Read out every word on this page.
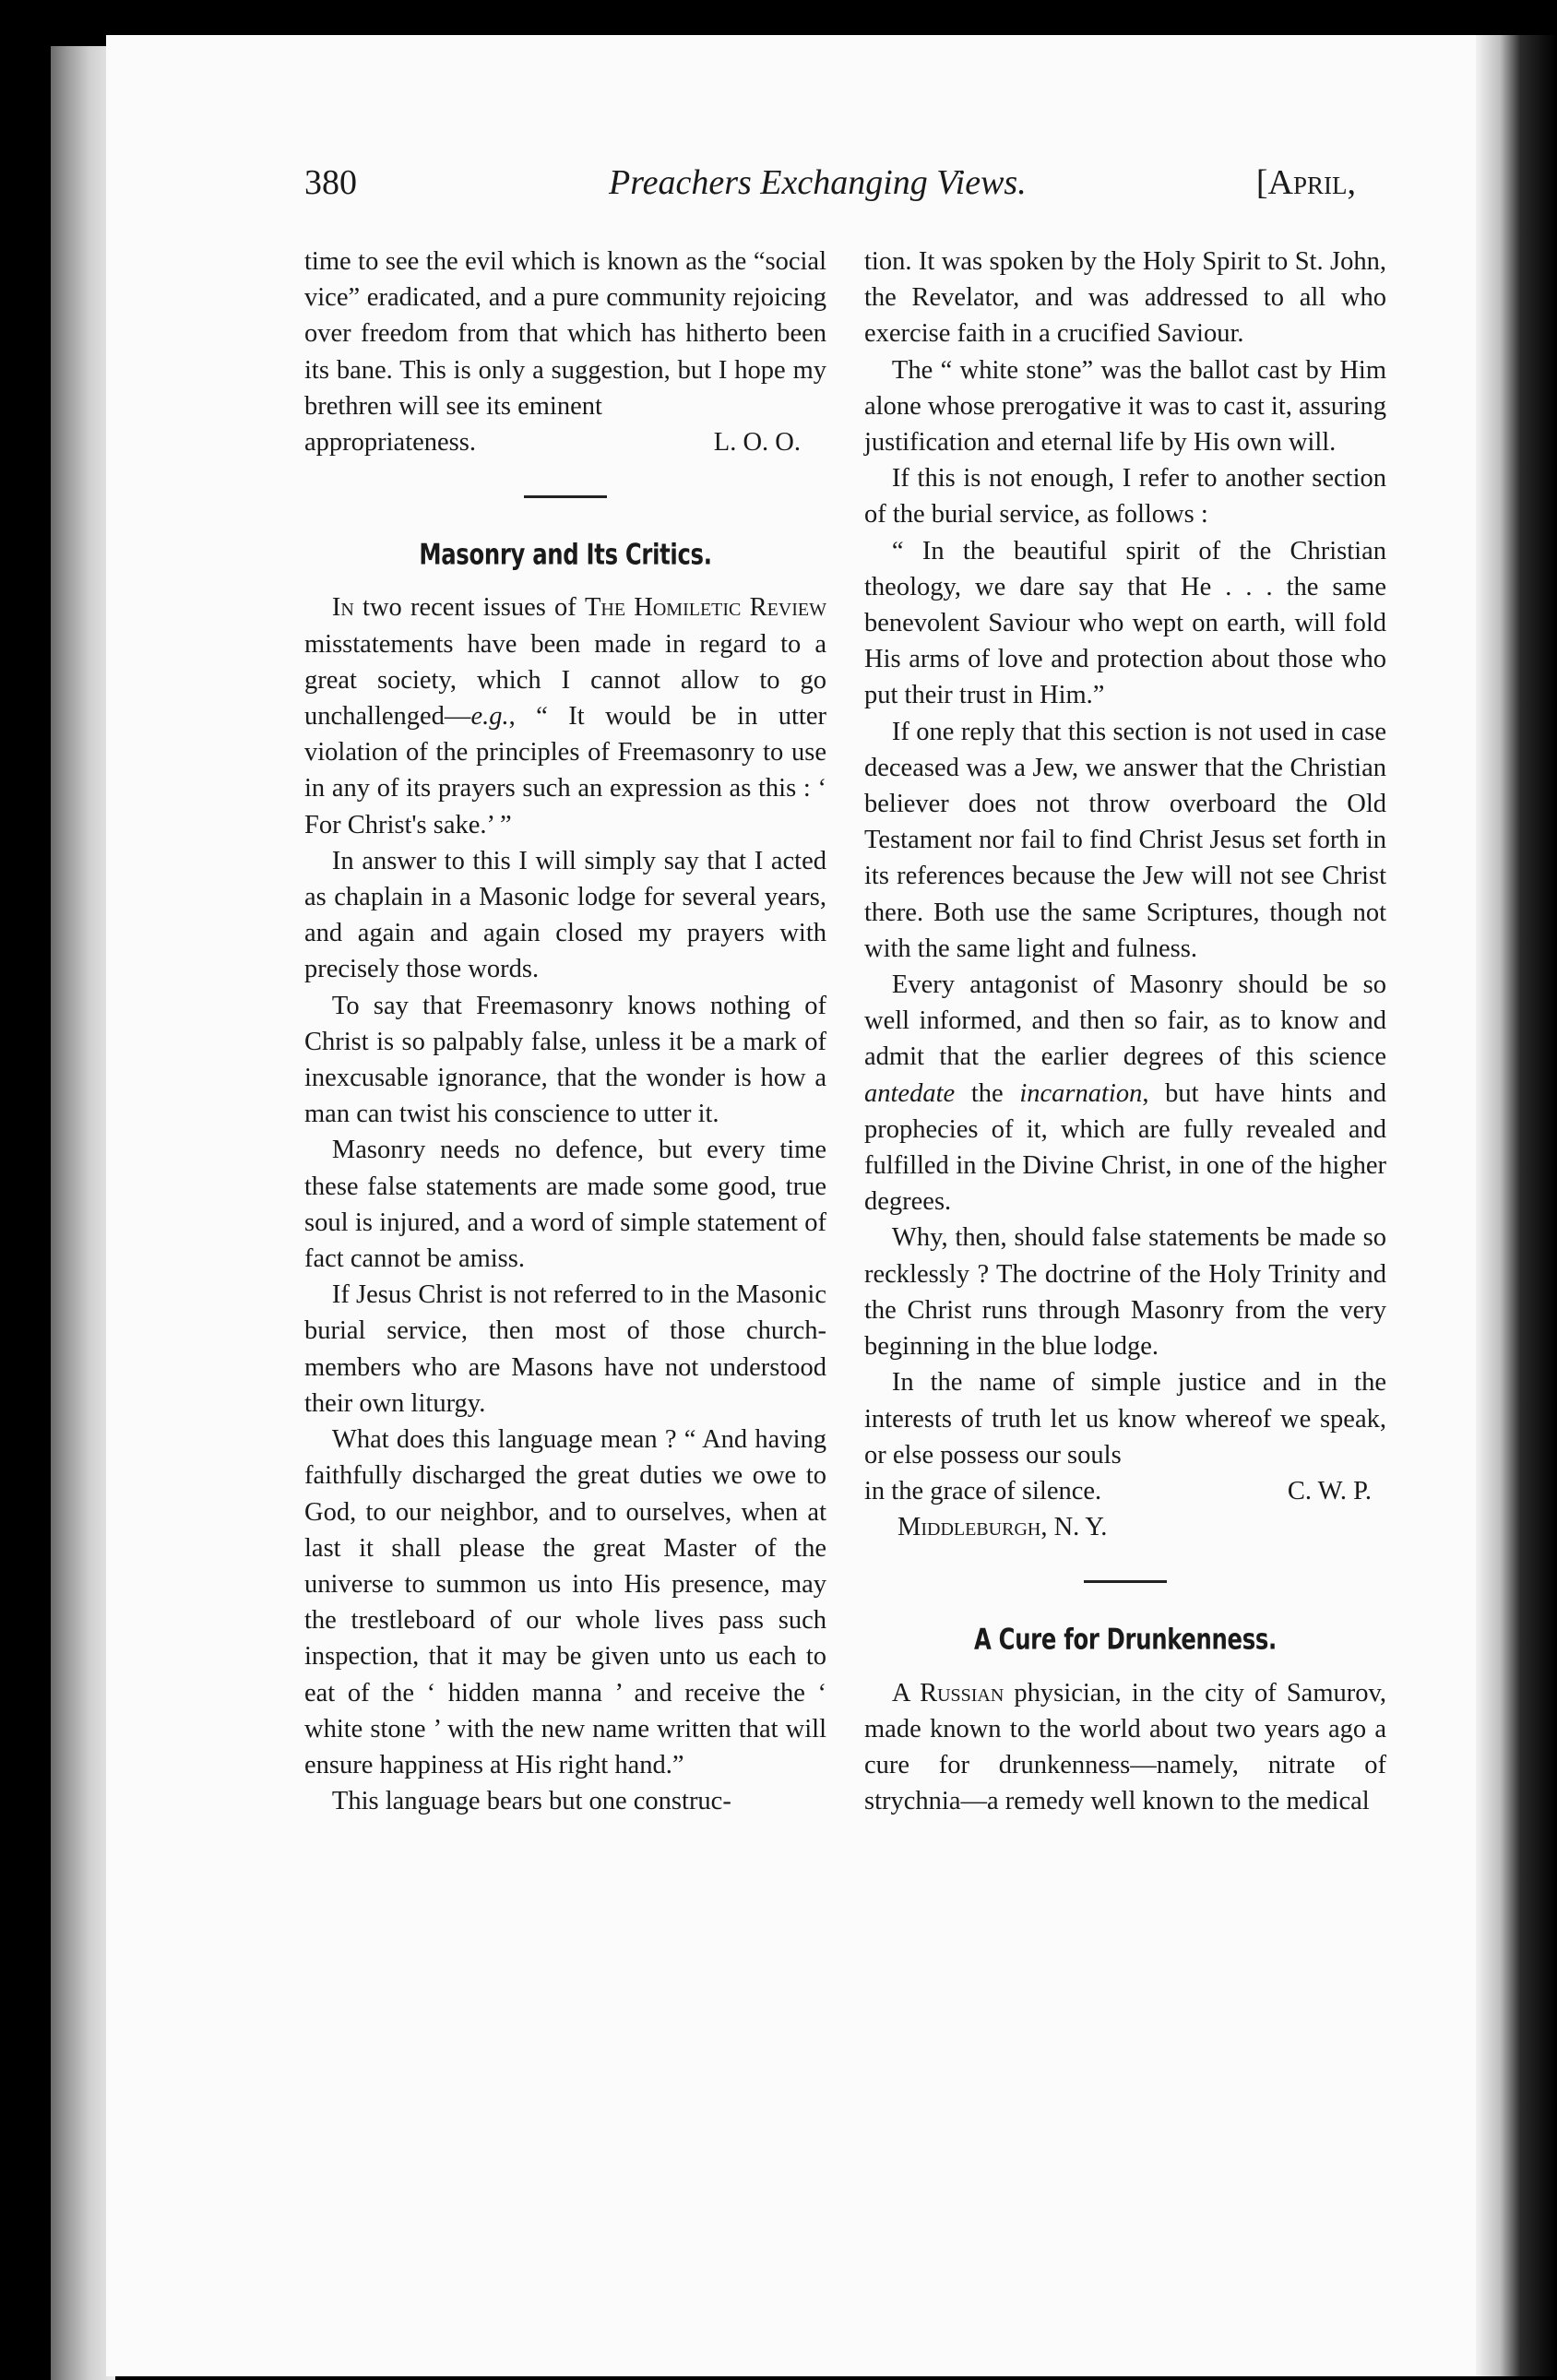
380	Preachers Exchanging Views.	[April,

time to see the evil which is known as the “social vice” eradicated, and a pure community rejoicing over freedom from that which has hitherto been its bane. This is only a suggestion, but I hope my brethren will see its eminent

appropriateness.	L. O. O.
Masonry and Its Critics.

In two recent issues of The Homiletic Review misstatements have been made in regard to a great society, which I cannot allow to go unchallenged—e.g., “ It would be in utter violation of the principles of Freemasonry to use in any of its prayers such an expression as this : ‘ For Christ's sake.’ ”

In answer to this I will simply say that I acted as chaplain in a Masonic lodge for several years, and again and again closed my prayers with precisely those words.

To say that Freemasonry knows nothing of Christ is so palpably false, unless it be a mark of inexcusable ignorance, that the wonder is how a man can twist his conscience to utter it.

Masonry needs no defence, but every time these false statements are made some good, true soul is injured, and a word of simple statement of fact cannot be amiss.

If Jesus Christ is not referred to in the Masonic burial service, then most of those church-members who are Masons have not understood their own liturgy.

What does this language mean ? “ And having faithfully discharged the great duties we owe to God, to our neighbor, and to ourselves, when at last it shall please the great Master of the universe to summon us into His presence, may the trestleboard of our whole lives pass such inspection, that it may be given unto us each to eat of the ‘ hidden manna ’ and receive the ‘ white stone ’ with the new name written that will ensure happiness at His right hand.”

This language bears but one construc-

tion. It was spoken by the Holy Spirit to St. John, the Revelator, and was addressed to all who exercise faith in a crucified Saviour.

The “ white stone” was the ballot cast by Him alone whose prerogative it was to cast it, assuring justification and eternal life by His own will.

If this is not enough, I refer to another section of the burial service, as follows :

“ In the beautiful spirit of the Christian theology, we dare say that He . . . the same benevolent Saviour who wept on earth, will fold His arms of love and protection about those who put their trust in Him.”

If one reply that this section is not used in case deceased was a Jew, we answer that the Christian believer does not throw overboard the Old Testament nor fail to find Christ Jesus set forth in its references because the Jew will not see Christ there. Both use the same Scriptures, though not with the same light and fulness.

Every antagonist of Masonry should be so well informed, and then so fair, as to know and admit that the earlier degrees of this science antedate the incarnation, but have hints and prophecies of it, which are fully revealed and fulfilled in the Divine Christ, in one of the higher degrees.

Why, then, should false statements be made so recklessly ? The doctrine of the Holy Trinity and the Christ runs through Masonry from the very beginning in the blue lodge.

In the name of simple justice and in the interests of truth let us know whereof we speak, or else possess our souls

in the grace of silence.	C. W. P.
Middleburgh, N. Y.
A Cure for Drunkenness.

A Russian physician, in the city of Samurov, made known to the world about two years ago a cure for drunkenness—namely, nitrate of strychnia—a remedy well known to the medical
